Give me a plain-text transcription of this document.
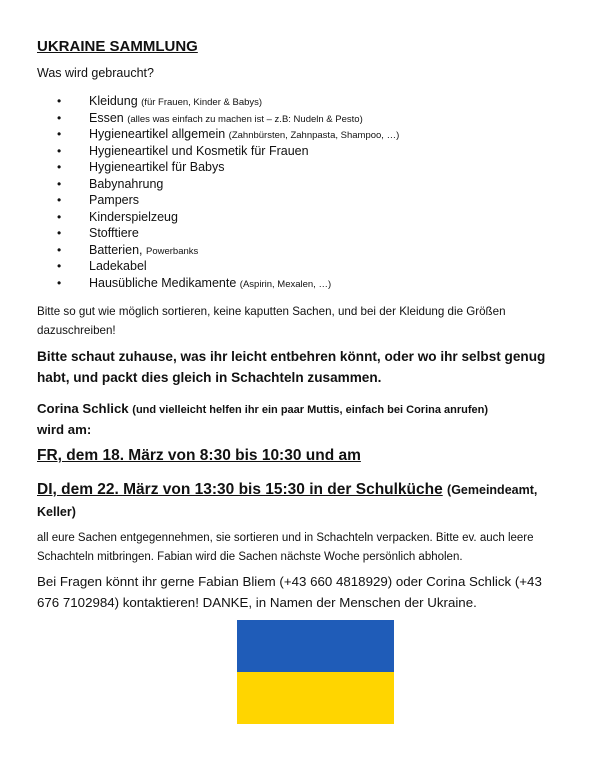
UKRAINE SAMMLUNG
Was wird gebraucht?
• Kleidung (für Frauen, Kinder & Babys)
• Essen (alles was einfach zu machen ist – z.B: Nudeln & Pesto)
• Hygieneartikel allgemein (Zahnbürsten, Zahnpasta, Shampoo, …)
• Hygieneartikel und Kosmetik für Frauen
• Hygieneartikel für Babys
• Babynahrung
• Pampers
• Kinderspielzeug
• Stofftiere
• Batterien, Powerbanks
• Ladekabel
• Hausübliche Medikamente (Aspirin, Mexalen, …)
Bitte so gut wie möglich sortieren, keine kaputten Sachen, und bei der Kleidung die Größen dazuschreiben!
Bitte schaut zuhause, was ihr leicht entbehren könnt, oder wo ihr selbst genug habt, und packt dies gleich in Schachteln zusammen.
Corina Schlick (und vielleicht helfen ihr ein paar Muttis, einfach bei Corina anrufen)
wird am:
FR, dem 18. März von 8:30 bis 10:30 und am
DI, dem 22. März von 13:30 bis 15:30 in der Schulküche (Gemeindeamt, Keller)
all eure Sachen entgegennehmen, sie sortieren und in Schachteln verpacken. Bitte ev. auch leere Schachteln mitbringen. Fabian wird die Sachen nächste Woche persönlich abholen.
Bei Fragen könnt ihr gerne Fabian Bliem (+43 660 4818929) oder Corina Schlick (+43 676 7102984) kontaktieren! DANKE, in Namen der Menschen der Ukraine.
